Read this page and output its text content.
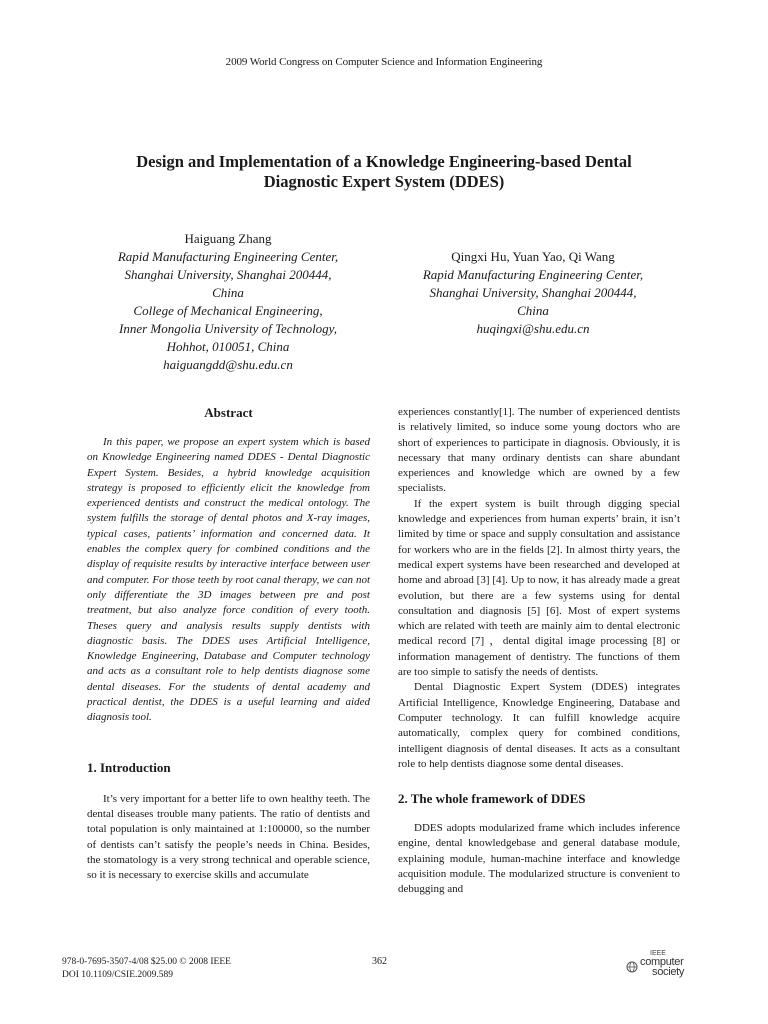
2009 World Congress on Computer Science and Information Engineering
Design and Implementation of a Knowledge Engineering-based Dental
Diagnostic Expert System (DDES)
Haiguang Zhang
Rapid Manufacturing Engineering Center,
Shanghai University, Shanghai 200444,
China
College of Mechanical Engineering,
Inner Mongolia University of Technology,
Hohhot, 010051, China
haiguangdd@shu.edu.cn
Qingxi Hu, Yuan Yao, Qi Wang
Rapid Manufacturing Engineering Center,
Shanghai University, Shanghai 200444,
China
huqingxi@shu.edu.cn
Abstract

In this paper, we propose an expert system which is based on Knowledge Engineering named DDES - Dental Diagnostic Expert System. Besides, a hybrid knowledge acquisition strategy is proposed to efficiently elicit the knowledge from experienced dentists and construct the medical ontology. The system fulfills the storage of dental photos and X-ray images, typical cases, patients’ information and concerned data. It enables the complex query for combined conditions and the display of requisite results by interactive interface between user and computer. For those teeth by root canal therapy, we can not only differentiate the 3D images between pre and post treatment, but also analyze force condition of every tooth. Theses query and analysis results supply dentists with diagnostic basis. The DDES uses Artificial Intelligence, Knowledge Engineering, Database and Computer technology and acts as a consultant role to help dentists diagnose some dental diseases. For the students of dental academy and practical dentist, the DDES is a useful learning and aided diagnosis tool.

1. Introduction

It’s very important for a better life to own healthy teeth. The dental diseases trouble many patients. The ratio of dentists and total population is only maintained at 1:100000, so the number of dentists can’t satisfy the people’s needs in China. Besides, the stomatology is a very strong technical and operable science, so it is necessary to exercise skills and accumulate

experiences constantly[1]. The number of experienced dentists is relatively limited, so induce some young doctors who are short of experiences to participate in diagnosis. Obviously, it is necessary that many ordinary dentists can share abundant experiences and knowledge which are owned by a few specialists.

If the expert system is built through digging special knowledge and experiences from human experts’ brain, it isn’t limited by time or space and supply consultation and assistance for workers who are in the fields [2]. In almost thirty years, the medical expert systems have been researched and developed at home and abroad [3] [4]. Up to now, it has already made a great evolution, but there are a few systems using for dental consultation and diagnosis [5] [6]. Most of expert systems which are related with teeth are mainly aim to dental electronic medical record [7] ，dental digital image processing [8] or information management of dentistry. The functions of them are too simple to satisfy the needs of dentists.

Dental Diagnostic Expert System (DDES) integrates Artificial Intelligence, Knowledge Engineering, Database and Computer technology. It can fulfill knowledge acquire automatically, complex query for combined conditions, intelligent diagnosis of dental diseases. It acts as a consultant role to help dentists diagnose some dental diseases.

2. The whole framework of DDES

DDES adopts modularized frame which includes inference engine, dental knowledgebase and general database module, explaining module, human-machine interface and knowledge acquisition module. The modularized structure is convenient to debugging and

978-0-7695-3507-4/08 $25.00 © 2008 IEEE
DOI 10.1109/CSIE.2009.589
362
IEEE
computer
society
